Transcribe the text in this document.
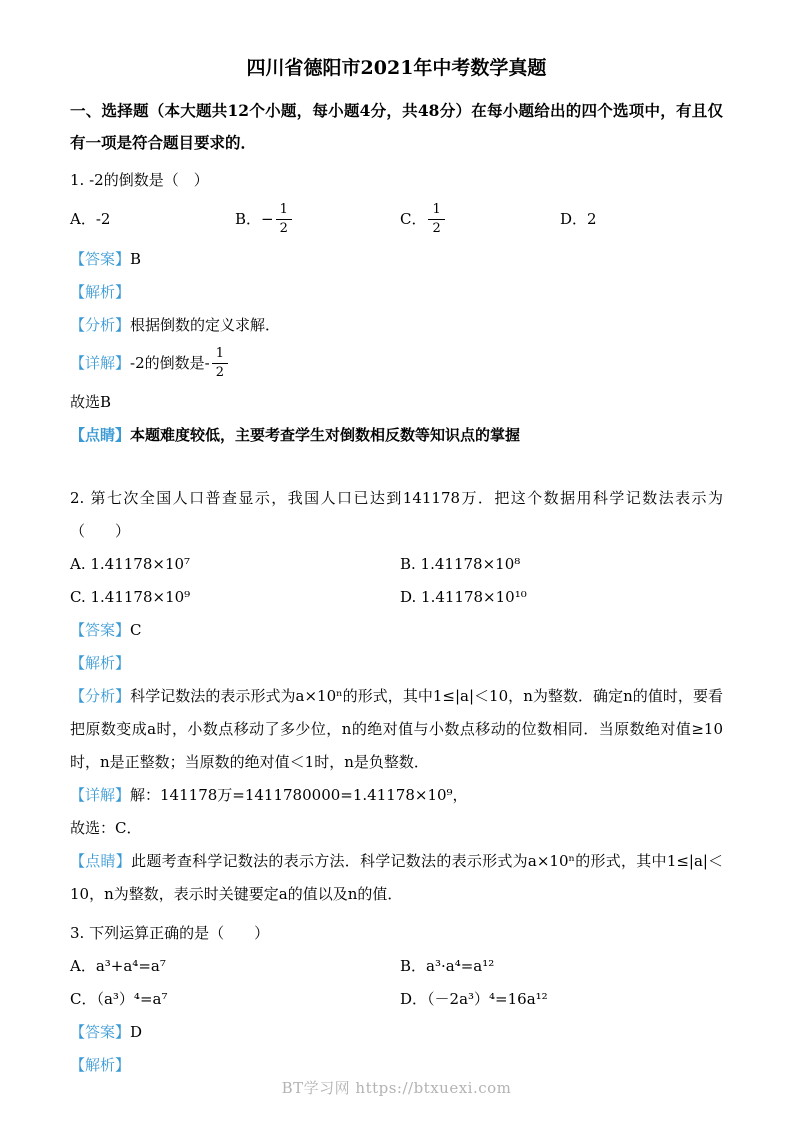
四川省德阳市2021年中考数学真题

一、选择题（本大题共12个小题，每小题4分，共48分）在每小题给出的四个选项中，有且仅有一项是符合题目要求的．

1. -2的倒数是（　）

A．-2	B． − $\frac{1}{2}$	C． $\frac{1}{2}$	D．2

【答案】B

【解析】

【分析】根据倒数的定义求解．

【详解】 -2的倒数是- $\frac{1}{2}$

故选B

【点睛】本题难度较低，主要考查学生对倒数相反数等知识点的掌握

2. 第七次全国人口普查显示，我国人口已达到141178万．把这个数据用科学记数法表示为（　　）

A. 1.41178×10⁷	B. 1.41178×10⁸
C. 1.41178×10⁹	D. 1.41178×10¹⁰

【答案】C

【解析】

【分析】科学记数法的表示形式为a×10ⁿ的形式，其中1≤|a|＜10，n为整数．确定n的值时，要看把原数变成a时，小数点移动了多少位，n的绝对值与小数点移动的位数相同．当原数绝对值≥10时，n是正整数；当原数的绝对值＜1时，n是负整数．

【详解】解：141178万=1411780000=1.41178×10⁹，

故选：C．

【点睛】此题考查科学记数法的表示方法．科学记数法的表示形式为a×10ⁿ的形式，其中1≤|a|＜10，n为整数，表示时关键要定a的值以及n的值．

3. 下列运算正确的是（　　）

A．a³+a⁴=a⁷	B．a³·a⁴=a¹²
C．（a³）⁴=a⁷	D．（－2a³）⁴=16a¹²

【答案】D

【解析】

BT学习网 https://btxuexi.com
